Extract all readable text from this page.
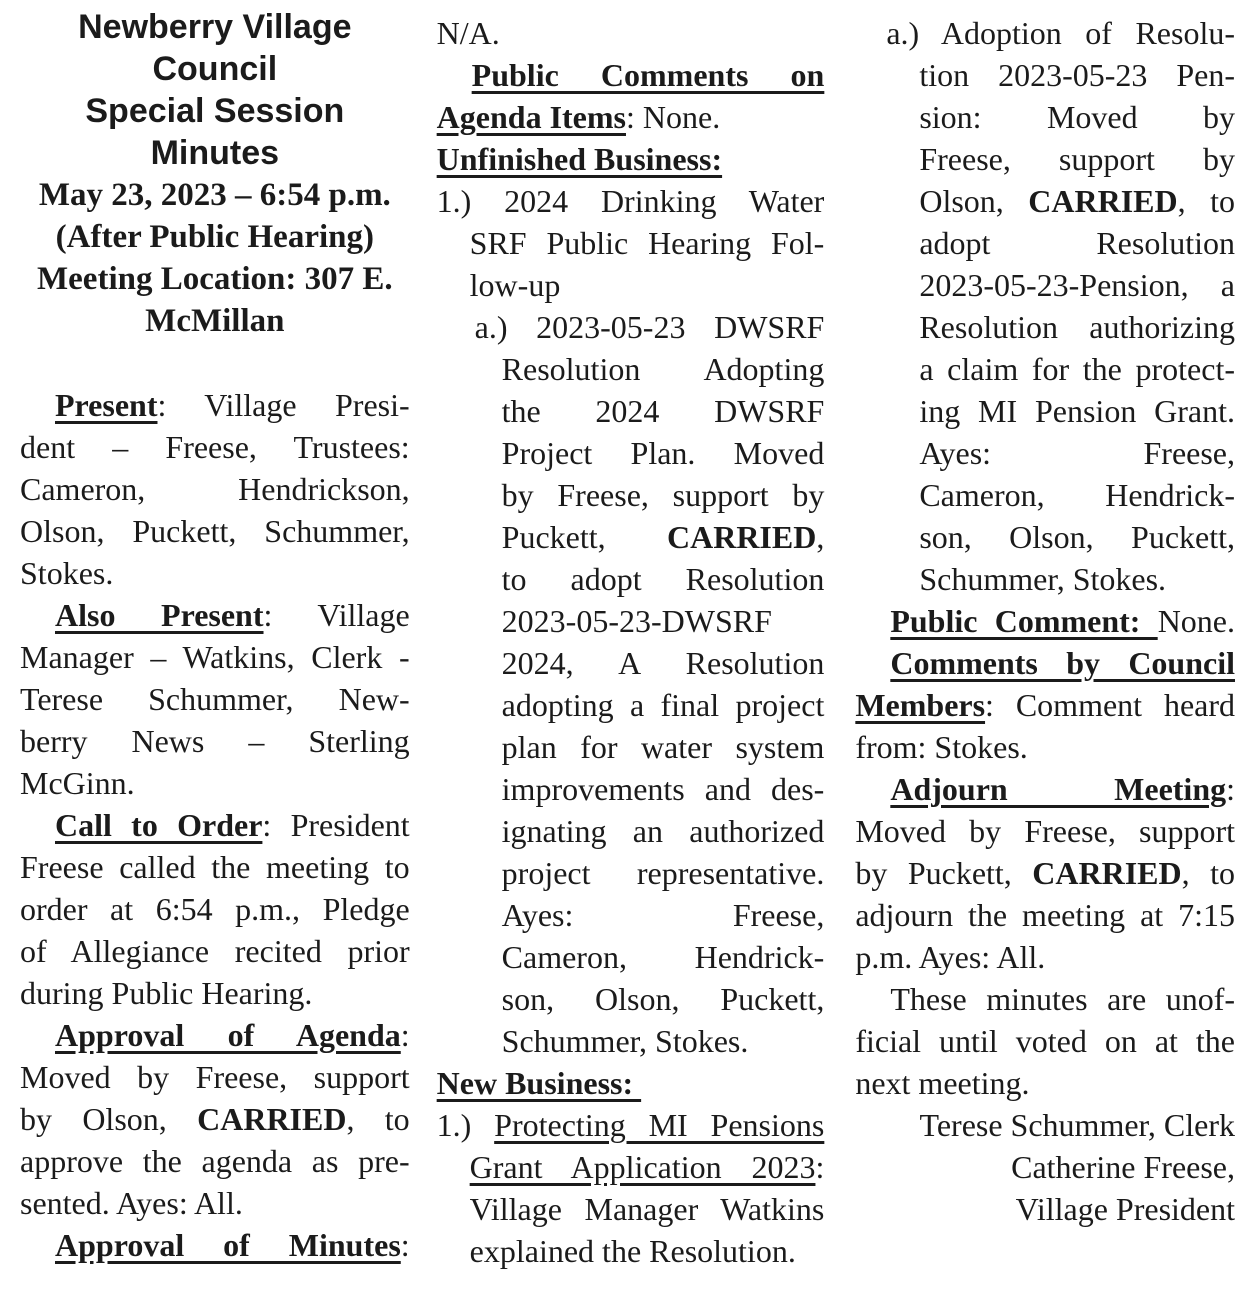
Newberry Village
Council
Special Session
Minutes
May 23, 2023 – 6:54 p.m.
(After Public Hearing)
Meeting Location: 307 E.
McMillan

Present: Village Presi-
dent – Freese, Trustees:
Cameron, Hendrickson,
Olson, Puckett, Schummer,
Stokes.
Also Present: Village
Manager – Watkins, Clerk -
Terese Schummer, New-
berry News – Sterling
McGinn.
Call to Order: President
Freese called the meeting to
order at 6:54 p.m., Pledge
of Allegiance recited prior
during Public Hearing.
Approval of Agenda:
Moved by Freese, support
by Olson, CARRIED, to
approve the agenda as pre-
sented. Ayes: All.
Approval of Minutes:
N/A.
Public Comments on
Agenda Items: None.
Unfinished Business:
1.) 2024 Drinking Water
SRF Public Hearing Fol-
low-up
a.) 2023-05-23 DWSRF
Resolution Adopting
the 2024 DWSRF
Project Plan. Moved
by Freese, support by
Puckett, CARRIED,
to adopt Resolution
2023-05-23-DWSRF
2024, A Resolution
adopting a final project
plan for water system
improvements and des-
ignating an authorized
project representative.
Ayes: Freese,
Cameron, Hendrick-
son, Olson, Puckett,
Schummer, Stokes.
New Business:
1.) Protecting MI Pensions
Grant Application 2023:
Village Manager Watkins
explained the Resolution.
a.) Adoption of Resolu-
tion 2023-05-23 Pen-
sion: Moved by
Freese, support by
Olson, CARRIED, to
adopt Resolution
2023-05-23-Pension, a
Resolution authorizing
a claim for the protect-
ing MI Pension Grant.
Ayes: Freese,
Cameron, Hendrick-
son, Olson, Puckett,
Schummer, Stokes.
Public Comment: None.
Comments by Council
Members: Comment heard
from: Stokes.
Adjourn Meeting:
Moved by Freese, support
by Puckett, CARRIED, to
adjourn the meeting at 7:15
p.m. Ayes: All.
These minutes are unof-
ficial until voted on at the
next meeting.
Terese Schummer, Clerk
Catherine Freese,
Village President
